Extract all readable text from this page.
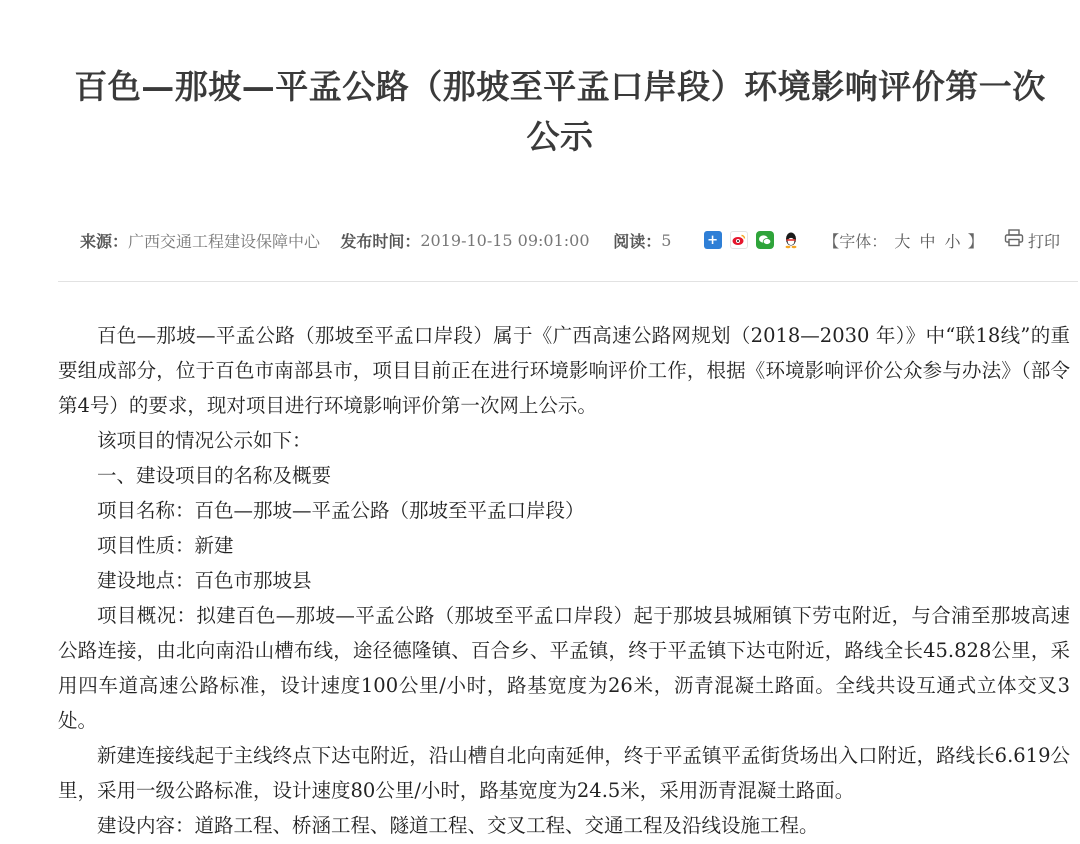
百色—那坡—平孟公路（那坡至平孟口岸段）环境影响评价第一次公示
来源： 广西交通工程建设保障中心 发布时间： 2019-10-15 09:01:00 阅读： 5	+	【字体： 大 中 小 】	打印

百色—那坡—平孟公路（那坡至平孟口岸段）属于《广西高速公路网规划（2018—2030 年）》中“联18线”的重要组成部分，位于百色市南部县市，项目目前正在进行环境影响评价工作，根据《环境影响评价公众参与办法》（部令第4号）的要求，现对项目进行环境影响评价第一次网上公示。

该项目的情况公示如下：

一、建设项目的名称及概要

项目名称：百色—那坡—平孟公路（那坡至平孟口岸段）

项目性质：新建

建设地点：百色市那坡县

项目概况：拟建百色—那坡—平孟公路（那坡至平孟口岸段）起于那坡县城厢镇下劳屯附近，与合浦至那坡高速公路连接，由北向南沿山槽布线，途径德隆镇、百合乡、平孟镇，终于平孟镇下达屯附近，路线全长45.828公里，采用四车道高速公路标准，设计速度100公里/小时，路基宽度为26米，沥青混凝土路面。全线共设互通式立体交叉3处。

新建连接线起于主线终点下达屯附近，沿山槽自北向南延伸，终于平孟镇平孟街货场出入口附近，路线长6.619公里，采用一级公路标准，设计速度80公里/小时，路基宽度为24.5米，采用沥青混凝土路面。

建设内容：道路工程、桥涵工程、隧道工程、交叉工程、交通工程及沿线设施工程。
